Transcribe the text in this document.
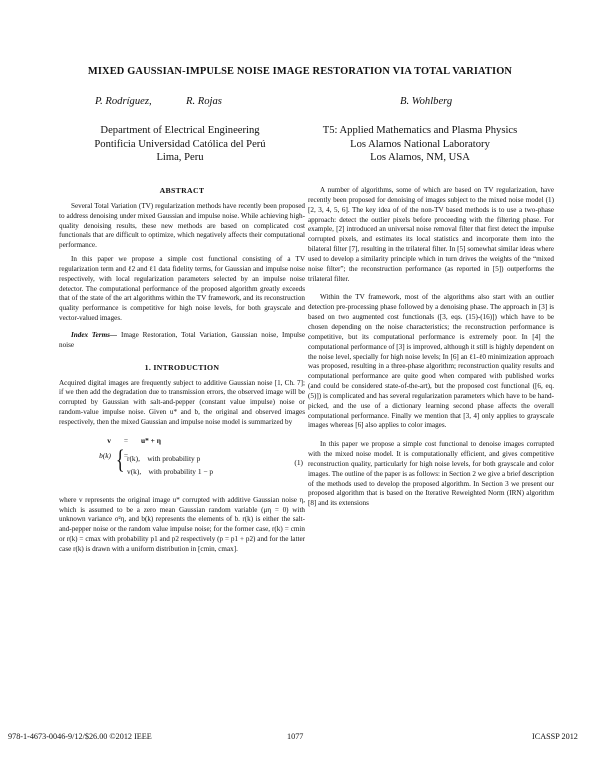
MIXED GAUSSIAN-IMPULSE NOISE IMAGE RESTORATION VIA TOTAL VARIATION
P. Rodríguez,	R. Rojas	B. Wohlberg
Department of Electrical Engineering
Pontificia Universidad Católica del Perú
Lima, Peru
T5: Applied Mathematics and Plasma Physics
Los Alamos National Laboratory
Los Alamos, NM, USA
ABSTRACT

Several Total Variation (TV) regularization methods have recently been proposed to address denoising under mixed Gaussian and impulse noise. While achieving high-quality denoising results, these new methods are based on complicated cost functionals that are difficult to optimize, which negatively affects their computational performance.

In this paper we propose a simple cost functional consisting of a TV regularization term and ℓ2 and ℓ1 data fidelity terms, for Gaussian and impulse noise respectively, with local regularization parameters selected by an impulse noise detector. The computational performance of the proposed algorithm greatly exceeds that of the state of the art algorithms within the TV framework, and its reconstruction quality performance is competitive for high noise levels, for both grayscale and vector-valued images.

Index Terms— Image Restoration, Total Variation, Gaussian noise, Impulse noise

1. INTRODUCTION

Acquired digital images are frequently subject to additive Gaussian noise [1, Ch. 7]; if we then add the degradation due to transmission errors, the observed image will be corrupted by Gaussian with salt-and-pepper (constant value impulse) noise or random-value impulse noise. Given u* and b, the original and observed images respectively, then the mixed Gaussian and impulse noise model is summarized by

v = u* + η
b(k) =
{ r(k),    with probability p
v(k),    with probability 1 − p
(1)

where v represents the original image u* corrupted with additive Gaussian noise η, which is assumed to be a zero mean Gaussian random variable (μη = 0) with unknown variance σ²η, and b(k) represents the elements of b. r(k) is either the salt-and-pepper noise or the random value impulse noise; for the former case, r(k) = cmin or r(k) = cmax with probability p1 and p2 respectively (p = p1 + p2) and for the latter case r(k) is drawn with a uniform distribution in [cmin, cmax].

A number of algorithms, some of which are based on TV regularization, have recently been proposed for denoising of images subject to the mixed noise model (1) [2, 3, 4, 5, 6]. The key idea of of the non-TV based methods is to use a two-phase approach: detect the outlier pixels before proceeding with the filtering phase. For example, [2] introduced an universal noise removal filter that first detect the impulse corrupted pixels, and estimates its local statistics and incorporate them into the bilateral filter [7], resulting in the trilateral filter. In [5] somewhat similar ideas where used to develop a similarity principle which in turn drives the weights of the “mixed noise filter”; the reconstruction performance (as reported in [5]) outperforms the trilateral filter.

Within the TV framework, most of the algorithms also start with an outlier detection pre-processing phase followed by a denoising phase. The approach in [3] is based on two augmented cost functionals ([3, eqs. (15)-(16)]) which have to be chosen depending on the noise characteristics; the reconstruction performance is competitive, but its computational performance is extremely poor. In [4] the computational performance of [3] is improved, although it still is highly dependent on the noise level, specially for high noise levels; In [6] an ℓ1-ℓ0 minimization approach was proposed, resulting in a three-phase algorithm; reconstruction quality results and computational performance are quite good when compared with published works (and could be considered state-of-the-art), but the proposed cost functional ([6, eq. (5)]) is complicated and has several regularization parameters which have to be hand-picked, and the use of a dictionary learning second phase affects the overall computational performance. Finally we mention that [3, 4] only applies to grayscale images whereas [6] also applies to color images.

In this paper we propose a simple cost functional to denoise images corrupted with the mixed noise model. It is computationally efficient, and gives competitive reconstruction quality, particularly for high noise levels, for both grayscale and color images. The outline of the paper is as follows: in Section 2 we give a brief description of the methods used to develop the proposed algorithm. In Section 3 we present our proposed algorithm that is based on the Iterative Reweighted Norm (IRN) algorithm [8] and its extensions

978-1-4673-0046-9/12/$26.00 ©2012 IEEE	1077	ICASSP 2012
